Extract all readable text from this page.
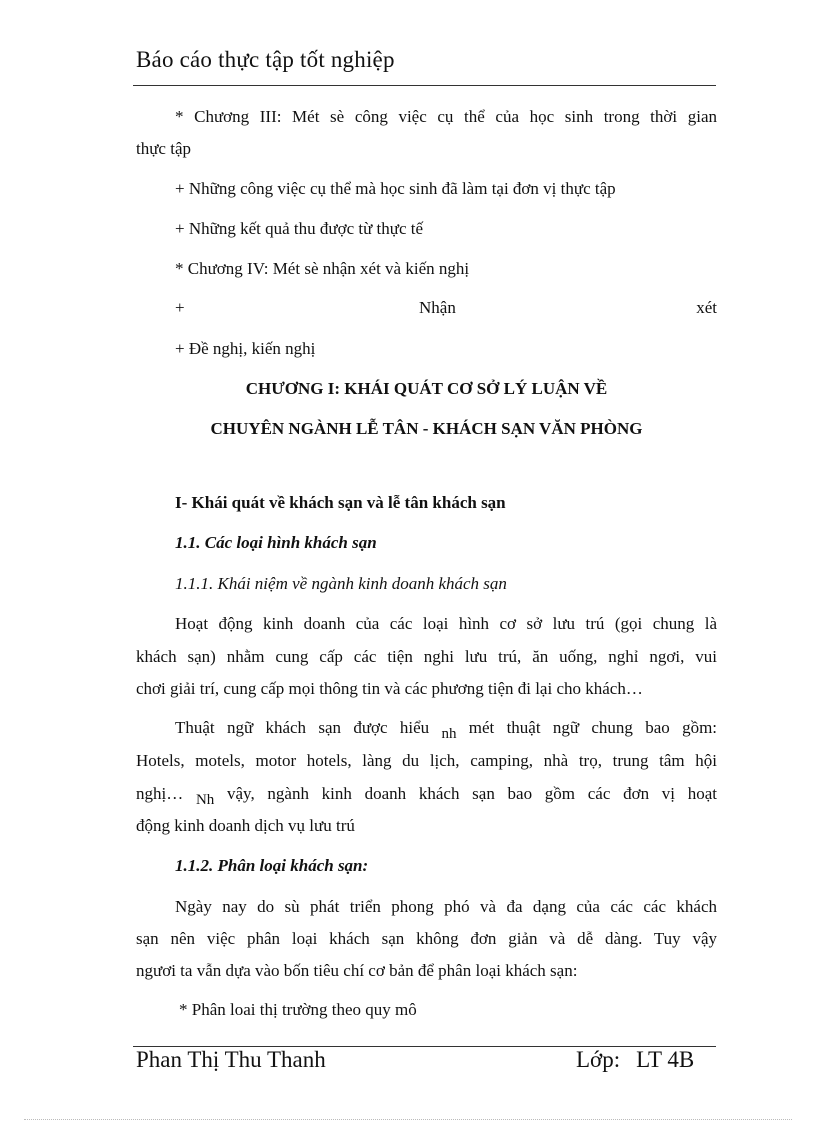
Báo cáo thực tập tốt nghiệp
* Chương III: Mét sè công việc cụ thể của học sinh trong thời gian
thực tập
+ Những công việc cụ thể mà học sinh đã làm tại đơn vị thực tập
+ Những kết quả thu được từ thực tế
* Chương IV: Mét sè nhận xét và kiến nghị
+	Nhận	xét
+ Đề nghị, kiến nghị
CHƯƠNG I: KHÁI QUÁT CƠ SỞ LÝ LUẬN VỀ
CHUYÊN NGÀNH LỄ TÂN - KHÁCH SẠN VĂN PHÒNG
I- Khái quát về khách sạn và lễ tân khách sạn
1.1. Các loại hình khách sạn
1.1.1. Khái niệm về ngành kinh doanh khách sạn
Hoạt động kinh doanh của các loại hình cơ sở lưu trú (gọi chung là
khách sạn) nhằm cung cấp các tiện nghi lưu trú, ăn uống, nghỉ ngơi, vui
chơi giải trí, cung cấp mọi thông tin và các phương tiện đi lại cho khách…
Thuật ngữ khách sạn được hiểu nh mét thuật ngữ chung bao gồm:
Hotels, motels, motor hotels, làng du lịch, camping, nhà trọ, trung tâm hội
nghị… Nh vậy, ngành kinh doanh khách sạn bao gồm các đơn vị hoạt
động kinh doanh dịch vụ lưu trú
1.1.2. Phân loại khách sạn:
Ngày nay do sù phát triển phong phó và đa dạng của các các khách
sạn nên việc phân loại khách sạn không đơn giản và dễ dàng. Tuy vậy
ngươi ta vẫn dựa vào bốn tiêu chí cơ bản để phân loại khách sạn:
* Phân loai thị trường theo quy mô
Phan Thị Thu Thanh	Lớp: LT 4B
